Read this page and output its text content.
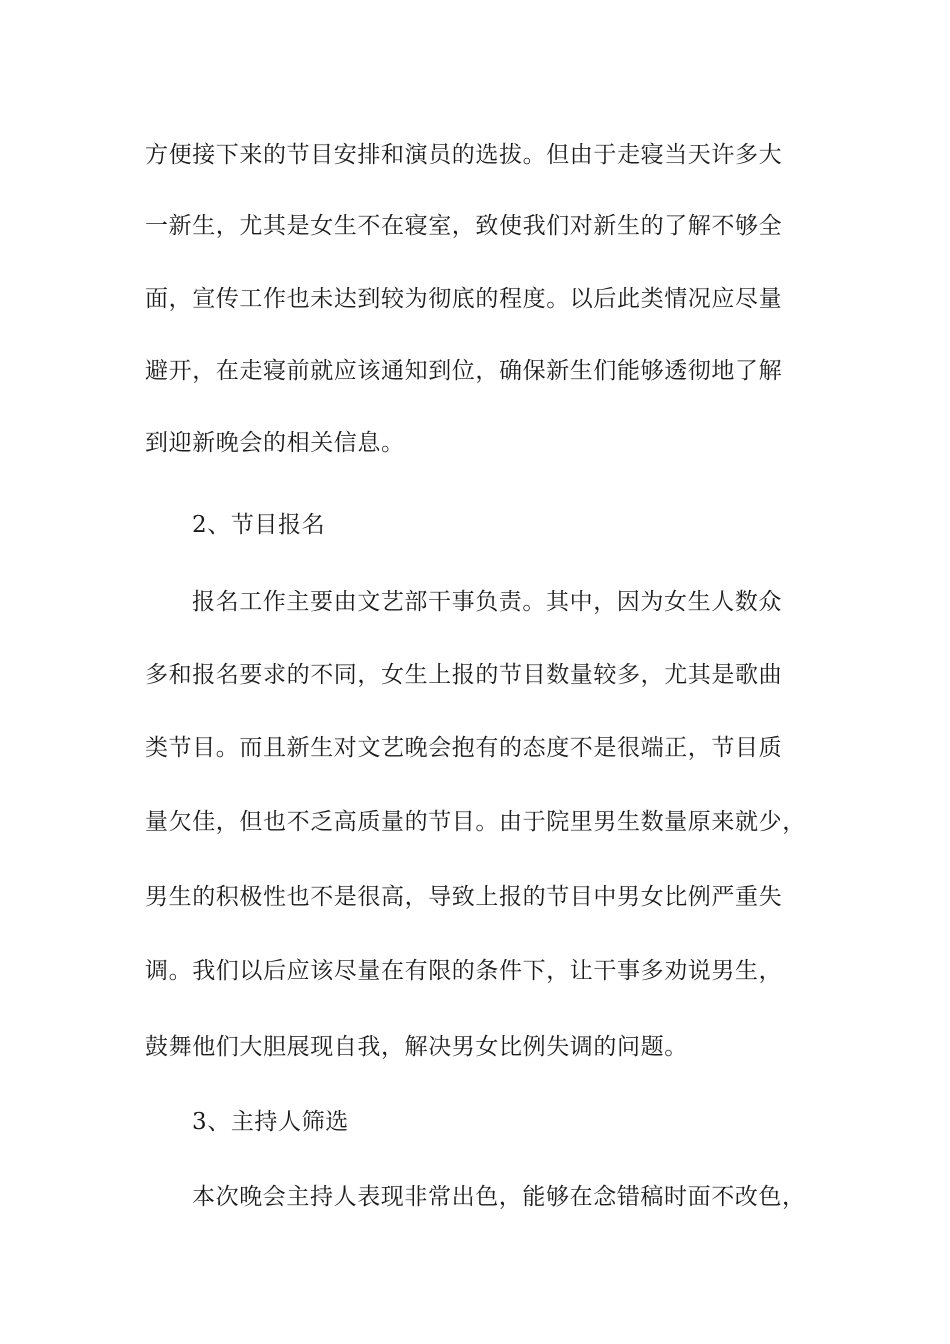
方便接下来的节目安排和演员的选拔。但由于走寝当天许多大
一新生，尤其是女生不在寝室，致使我们对新生的了解不够全
面，宣传工作也未达到较为彻底的程度。以后此类情况应尽量
避开，在走寝前就应该通知到位，确保新生们能够透彻地了解
到迎新晚会的相关信息。
2、节目报名
报名工作主要由文艺部干事负责。其中，因为女生人数众
多和报名要求的不同，女生上报的节目数量较多，尤其是歌曲
类节目。而且新生对文艺晚会抱有的态度不是很端正，节目质
量欠佳，但也不乏高质量的节目。由于院里男生数量原来就少，
男生的积极性也不是很高，导致上报的节目中男女比例严重失
调。我们以后应该尽量在有限的条件下，让干事多劝说男生，
鼓舞他们大胆展现自我，解决男女比例失调的问题。
3、主持人筛选
本次晚会主持人表现非常出色，能够在念错稿时面不改色，
